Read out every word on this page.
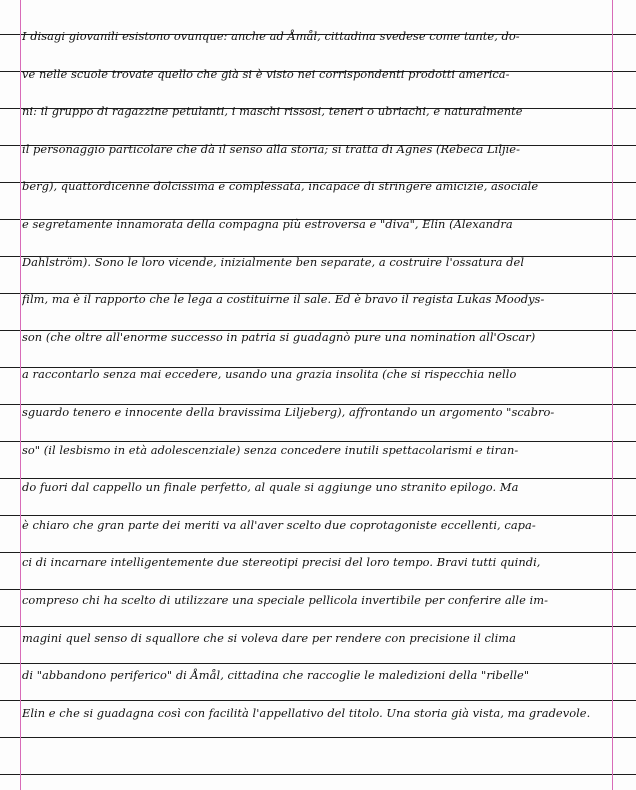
I disagi giovanili esistono ovunque: anche ad Åmål, cittadina svedese come tante, do-
ve nelle scuole trovate quello che già si è visto nei corrispondenti prodotti america-
ni: il gruppo di ragazzine petulanti, i maschi rissosi, teneri o ubriachi, e naturalmente
il personaggio particolare che dà il senso alla storia; si tratta di Agnes (Rebeca Liljie-
berg), quattordicenne dolcissima e complessata, incapace di stringere amicizie, asociale
e segretamente innamorata della compagna più estroversa e "diva", Elin (Alexandra
Dahlström). Sono le loro vicende, inizialmente ben separate, a costruire l'ossatura del
film, ma è il rapporto che le lega a costituirne il sale. Ed è bravo il regista Lukas Moodys-
son (che oltre all'enorme successo in patria si guadagnò pure una nomination all'Oscar)
a raccontarlo senza mai eccedere, usando una grazia insolita (che si rispecchia nello
sguardo tenero e innocente della bravissima Liljeberg), affrontando un argomento "scabro-
so" (il lesbismo in età adolescenziale) senza concedere inutili spettacolarismi e tiran-
do fuori dal cappello un finale perfetto, al quale si aggiunge uno stranito epilogo. Ma
è chiaro che gran parte dei meriti va all'aver scelto due coprotagoniste eccellenti, capa-
ci di incarnare intelligentemente due stereotipi precisi del loro tempo. Bravi tutti quindi,
compreso chi ha scelto di utilizzare una speciale pellicola invertibile per conferire alle im-
magini quel senso di squallore che si voleva dare per rendere con precisione il clima
di "abbandono periferico" di Åmål, cittadina che raccoglie le maledizioni della "ribelle"
Elin e che si guadagna così con facilità l'appellativo del titolo. Una storia già vista, ma gradevole.
